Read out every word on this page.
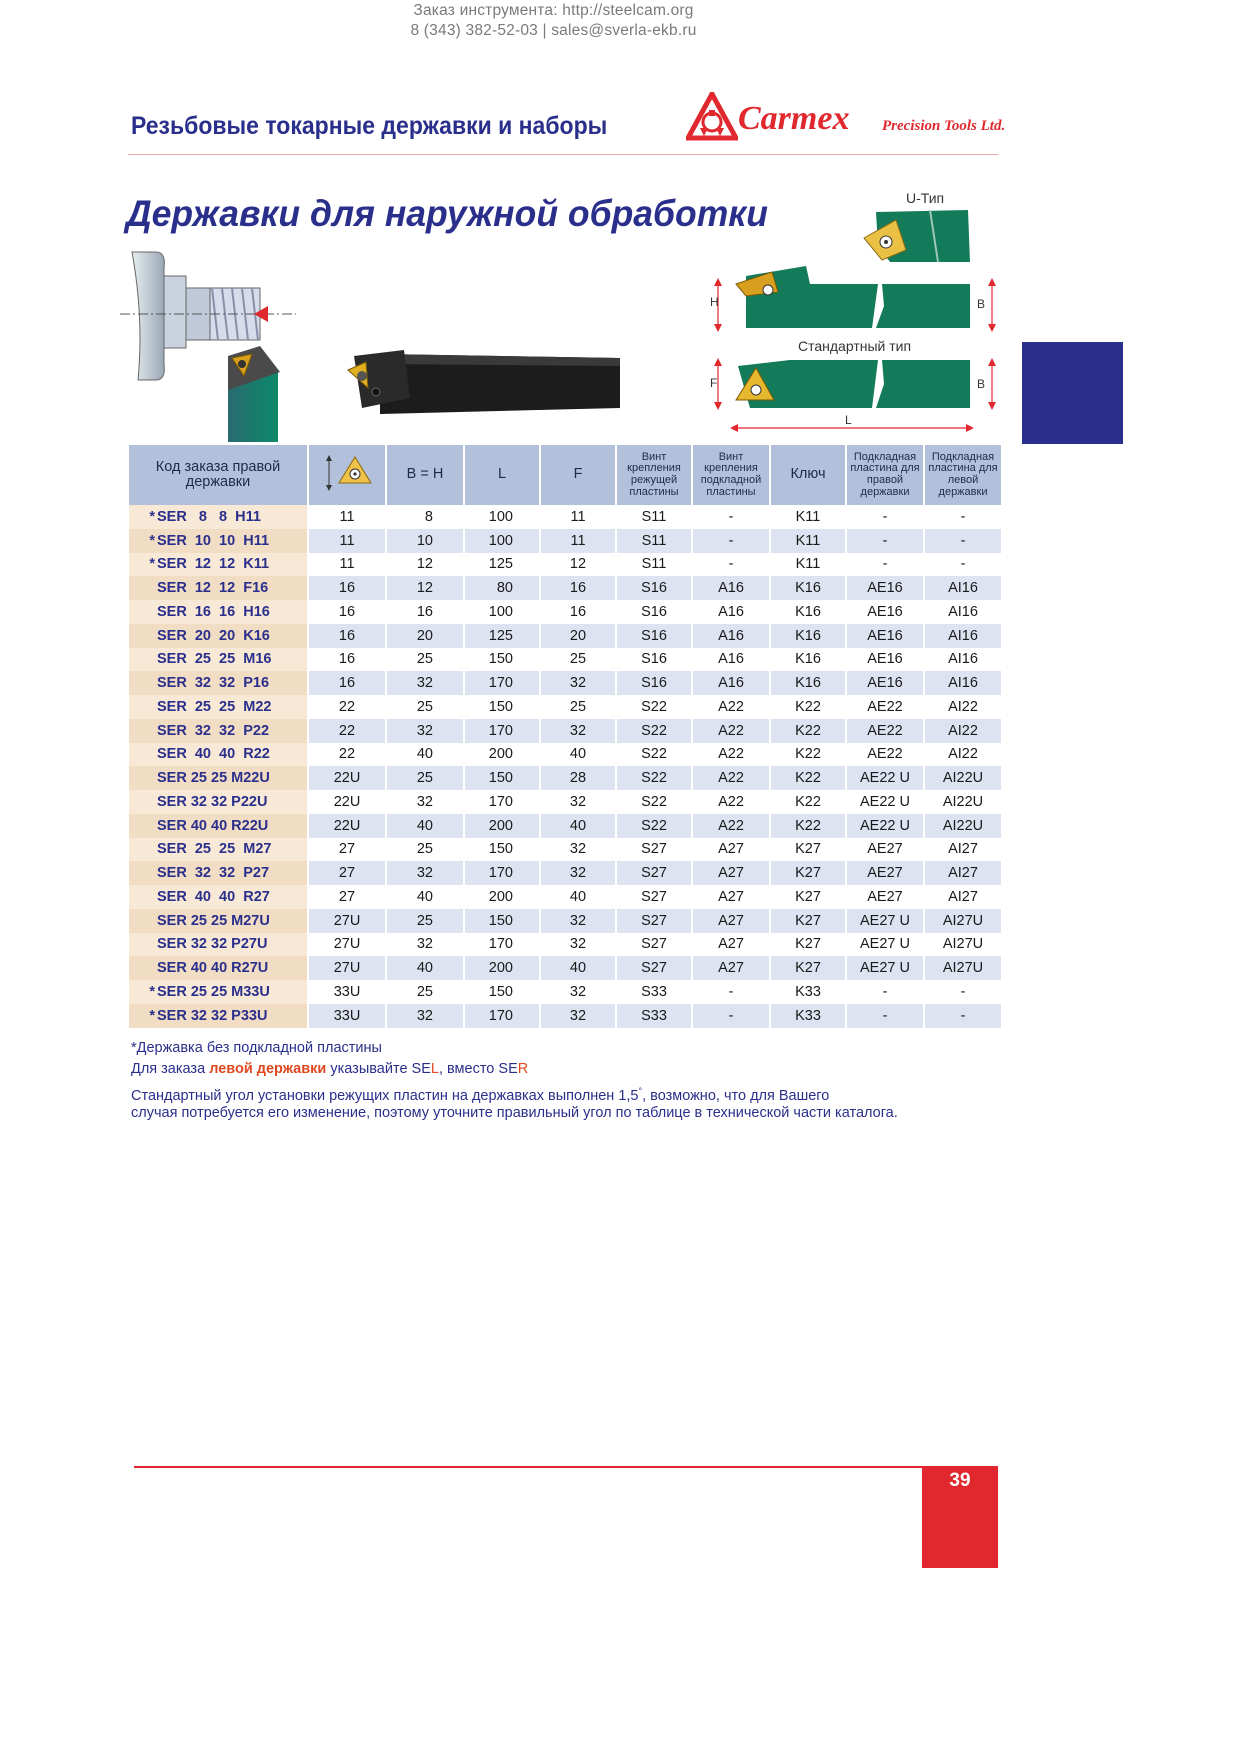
Заказ инструмента: http://steelcam.org
8 (343) 382-52-03 | sales@sverla-ekb.ru
Резьбовые токарные державки и наборы	Carmex Precision Tools Ltd.
Державки для наружной обработки	U-Тип
H	B
Стандартный тип
F	B
L
Код заказа правой державки		B = H	L	F	Винт крепления режущей пластины	Винт крепления подкладной пластины	Ключ	Подкладная пластина для правой державки	Подкладная пластина для левой державки
* SER   8   8  H11	11	8	100	11	S11	-	K11	-	-
* SER  10  10  H11	11	10	100	11	S11	-	K11	-	-
* SER  12  12  K11	11	12	125	12	S11	-	K11	-	-
SER  12  12  F16	16	12	80	16	S16	A16	K16	AE16	AI16
SER  16  16  H16	16	16	100	16	S16	A16	K16	AE16	AI16
SER  20  20  K16	16	20	125	20	S16	A16	K16	AE16	AI16
SER  25  25  M16	16	25	150	25	S16	A16	K16	AE16	AI16
SER  32  32  P16	16	32	170	32	S16	A16	K16	AE16	AI16
SER  25  25  M22	22	25	150	25	S22	A22	K22	AE22	AI22
SER  32  32  P22	22	32	170	32	S22	A22	K22	AE22	AI22
SER  40  40  R22	22	40	200	40	S22	A22	K22	AE22	AI22
SER 25 25 M22U	22U	25	150	28	S22	A22	K22	AE22 U	AI22U
SER 32 32 P22U	22U	32	170	32	S22	A22	K22	AE22 U	AI22U
SER 40 40 R22U	22U	40	200	40	S22	A22	K22	AE22 U	AI22U
SER  25  25  M27	27	25	150	32	S27	A27	K27	AE27	AI27
SER  32  32  P27	27	32	170	32	S27	A27	K27	AE27	AI27
SER  40  40  R27	27	40	200	40	S27	A27	K27	AE27	AI27
SER 25 25 M27U	27U	25	150	32	S27	A27	K27	AE27 U	AI27U
SER 32 32 P27U	27U	32	170	32	S27	A27	K27	AE27 U	AI27U
SER 40 40 R27U	27U	40	200	40	S27	A27	K27	AE27 U	AI27U
* SER 25 25 M33U	33U	25	150	32	S33	-	K33	-	-
* SER 32 32 P33U	33U	32	170	32	S33	-	K33	-	-
*Державка без подкладной пластины
Для заказа левой державки указывайте SEL, вместо SER
Стандартный угол установки режущих пластин на державках выполнен 1,5°, возможно, что для Вашего
случая потребуется его изменение, поэтому уточните правильный угол по таблице в технической части каталога.
39
